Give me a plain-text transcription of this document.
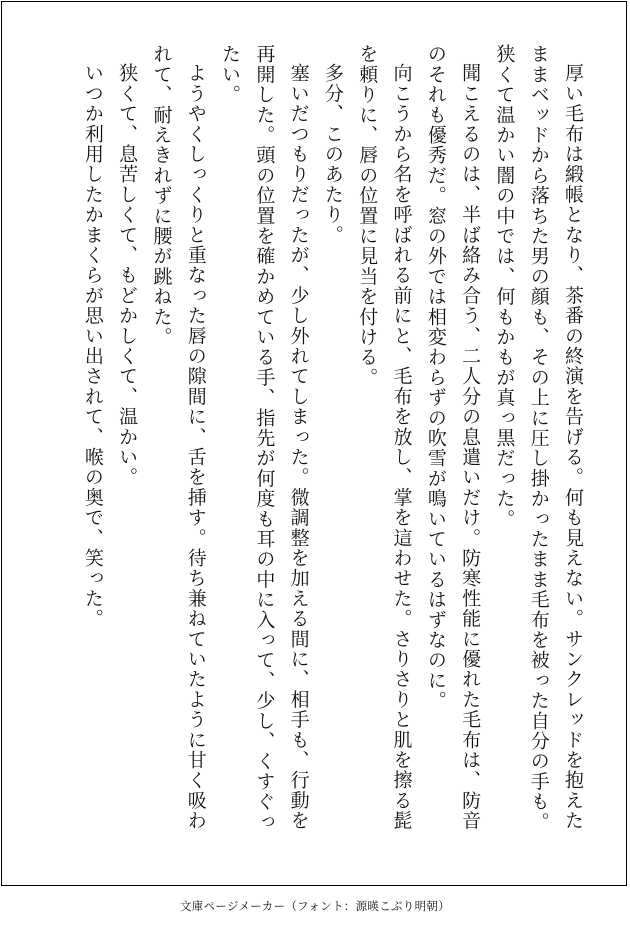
厚い毛布は緞帳となり、茶番の終演を告げる。何も見えない。サンクレッドを抱えたままベッドから落ちた男の顔も、その上に圧し掛かったまま毛布を被った自分の手も。狭くて温かい闇の中では、何もかもが真っ黒だった。

聞こえるのは、半ば絡み合う、二人分の息遣いだけ。防寒性能に優れた毛布は、防音のそれも優秀だ。窓の外では相変わらずの吹雪が鳴いているはずなのに。

向こうから名を呼ばれる前にと、毛布を放し、掌を這わせた。さりさりと肌を擦る髭を頼りに、唇の位置に見当を付ける。

多分、このあたり。

塞いだつもりだったが、少し外れてしまった。微調整を加える間に、相手も、行動を再開した。頭の位置を確かめている手、指先が何度も耳の中に入って、少し、くすぐったい。

ようやくしっくりと重なった唇の隙間に、舌を挿す。待ち兼ねていたように甘く吸われて、耐えきれずに腰が跳ねた。

狭くて、息苦しくて、もどかしくて、温かい。

いつか利用したかまくらが思い出されて、喉の奥で、笑った。

文庫ページメーカー（フォント：源暎こぶり明朝）
